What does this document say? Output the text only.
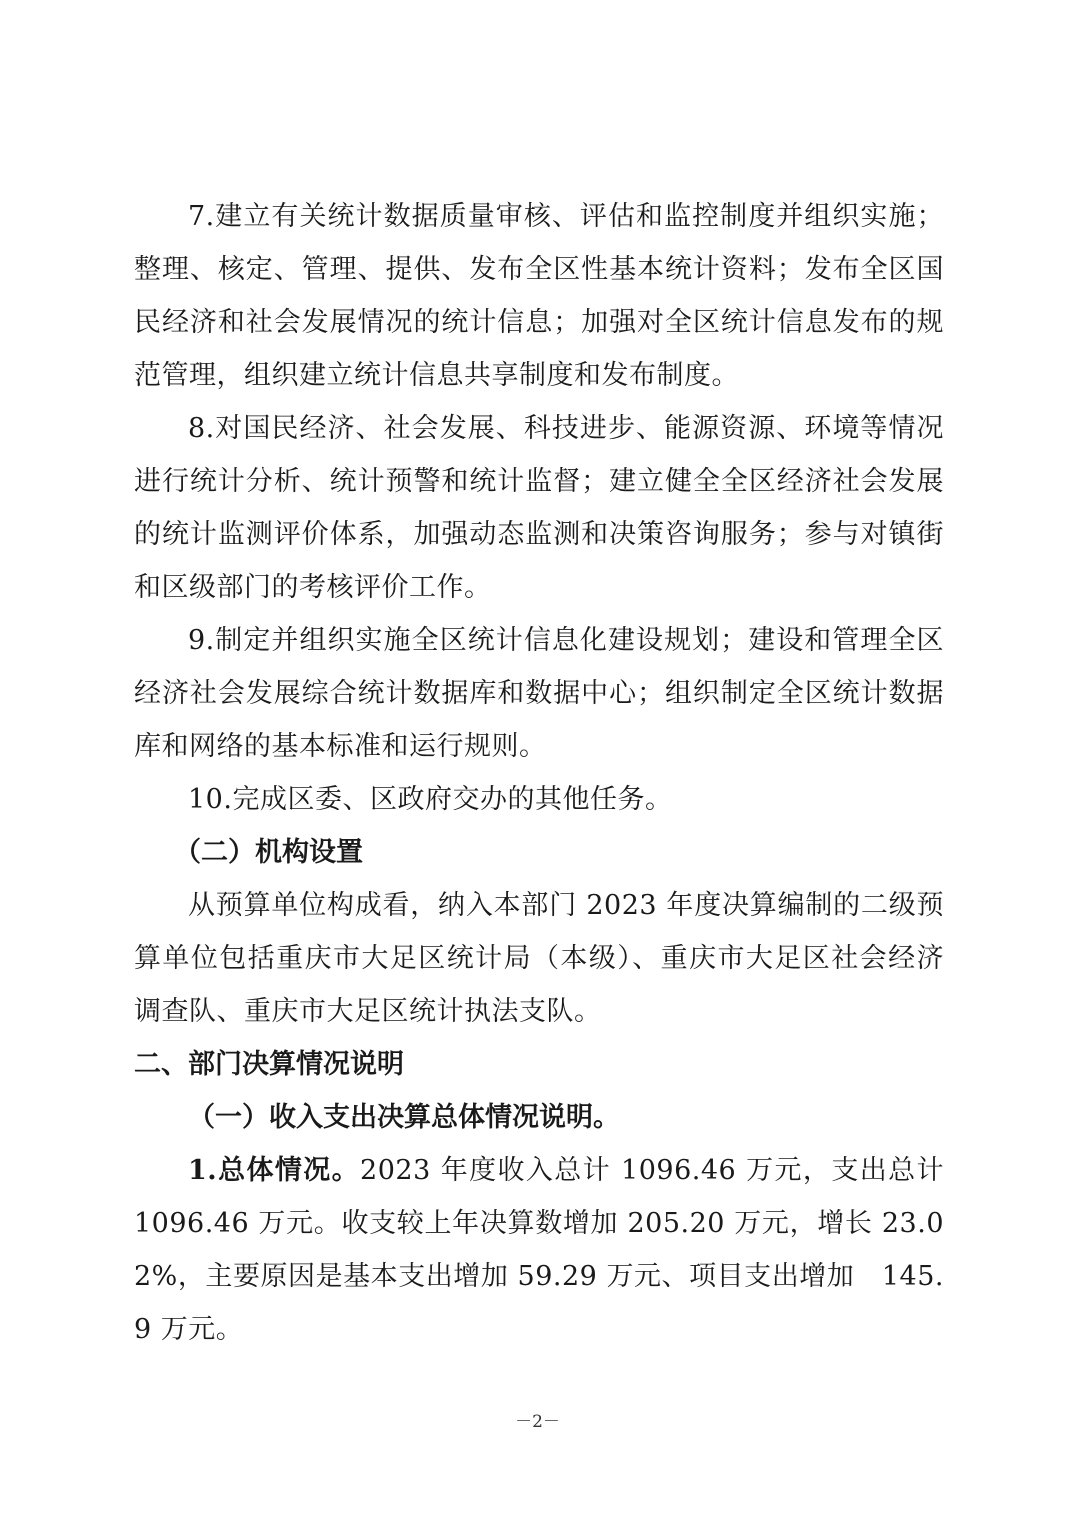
7.建立有关统计数据质量审核、评估和监控制度并组织实施；整理、核定、管理、提供、发布全区性基本统计资料；发布全区国民经济和社会发展情况的统计信息；加强对全区统计信息发布的规范管理，组织建立统计信息共享制度和发布制度。

8.对国民经济、社会发展、科技进步、能源资源、环境等情况进行统计分析、统计预警和统计监督；建立健全全区经济社会发展的统计监测评价体系，加强动态监测和决策咨询服务；参与对镇街和区级部门的考核评价工作。

9.制定并组织实施全区统计信息化建设规划；建设和管理全区经济社会发展综合统计数据库和数据中心；组织制定全区统计数据库和网络的基本标准和运行规则。

10.完成区委、区政府交办的其他任务。

（二）机构设置

从预算单位构成看，纳入本部门 2023 年度决算编制的二级预算单位包括重庆市大足区统计局（本级）、重庆市大足区社会经济调查队、重庆市大足区统计执法支队。

二、部门决算情况说明

（一）收入支出决算总体情况说明。

1.总体情况。2023 年度收入总计 1096.46 万元，支出总计 1096.46 万元。收支较上年决算数增加 205.20 万元，增长 23.02%，主要原因是基本支出增加 59.29 万元、项目支出增加　145.9 万元。

－2－
